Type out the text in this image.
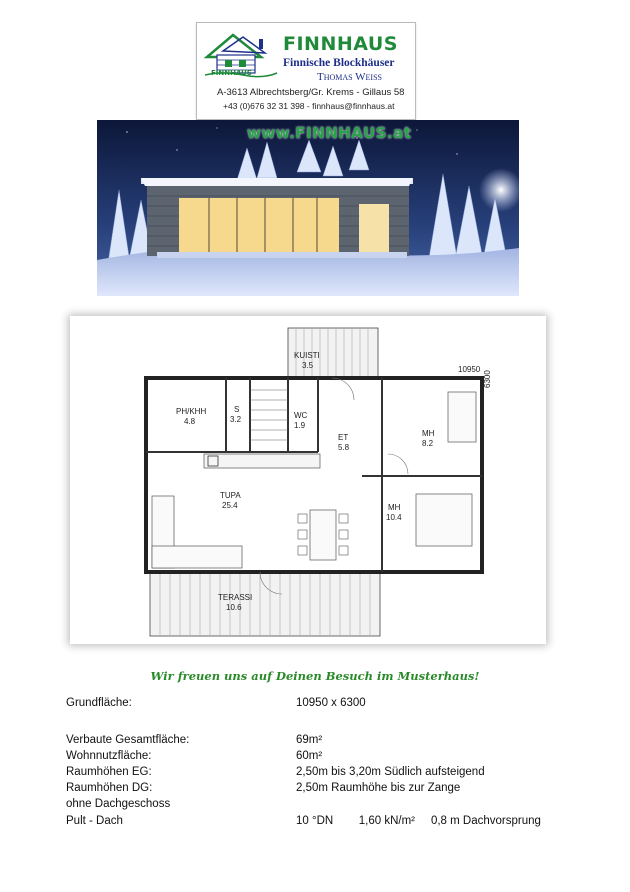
FINNHAUS
FINNHAUS
Finnische Blockhäuser
Thomas Weiß
A-3613 Albrechtsberg/Gr. Krems - Gillaus 58
+43 (0)676 32 31 398 - finnhaus@finnhaus.at
www.FINNHAUS.at
10950
6300
KUISTI
3.5
PH/KHH
4.8
S
3.2	WC
1.9
ET
5.8
MH
8.2
TUPA
25.4	MH
10.4
TERASSI
10.6
Wir freuen uns auf Deinen Besuch im Musterhaus!
Grundfläche:	10950 x 6300
Verbaute Gesamtfläche:	69m²
Wohnnutzfläche:	60m²
Raumhöhen EG:	2,50m bis 3,20m Südlich aufsteigend
Raumhöhen DG:	2,50m Raumhöhe bis zur Zange
ohne Dachgeschoss
Pult - Dach	10 °DN        1,60 kN/m²     0,8 m Dachvorsprung
